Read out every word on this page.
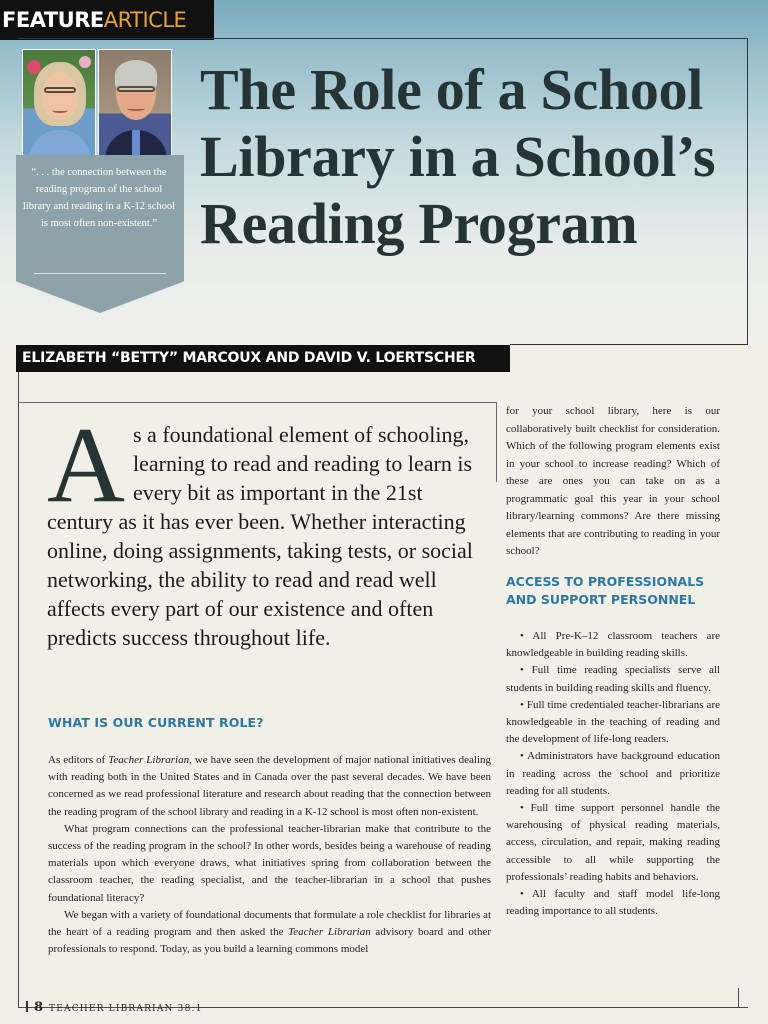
FEATUREARTICLE
“. . . the connection between the reading program of the school library and reading in a K-12 school is most often non-existent.”
The Role of a School Library in a School’s Reading Program
ELIZABETH “BETTY” MARCOUX AND DAVID V. LOERTSCHER
As a foundational element of schooling, learning to read and reading to learn is every bit as important in the 21st century as it has ever been. Whether interacting online, doing assignments, taking tests, or social networking, the ability to read and read well affects every part of our existence and often predicts success throughout life.
WHAT IS OUR CURRENT ROLE?

As editors of Teacher Librarian, we have seen the development of major national initiatives dealing with reading both in the United States and in Canada over the past several decades. We have been concerned as we read professional literature and research about reading that the connection between the reading program of the school library and reading in a K-12 school is most often non-existent.

What program connections can the professional teacher-librarian make that contribute to the success of the reading program in the school? In other words, besides being a warehouse of reading materials upon which everyone draws, what initiatives spring from collaboration between the classroom teacher, the reading specialist, and the teacher-librarian in a school that pushes foundational literacy?

We began with a variety of foundational documents that formulate a role checklist for libraries at the heart of a reading program and then asked the Teacher Librarian advisory board and other professionals to respond. Today, as you build a learning commons model

for your school library, here is our collaboratively built checklist for consideration. Which of the following program elements exist in your school to increase reading? Which of these are ones you can take on as a programmatic goal this year in your school library/learning commons? Are there missing elements that are contributing to reading in your school?
ACCESS TO PROFESSIONALS AND SUPPORT PERSONNEL

• All Pre-K–12 classroom teachers are knowledgeable in building reading skills.

• Full time reading specialists serve all students in building reading skills and fluency.

• Full time credentialed teacher-librarians are knowledgeable in the teaching of reading and the development of life-long readers.

• Administrators have background education in reading across the school and prioritize reading for all students.

• Full time support personnel handle the warehousing of physical reading materials, access, circulation, and repair, making reading accessible to all while supporting the professionals’ reading habits and behaviors.

• All faculty and staff model life-long reading importance to all students.

8 TEACHER LIBRARIAN 38:1
